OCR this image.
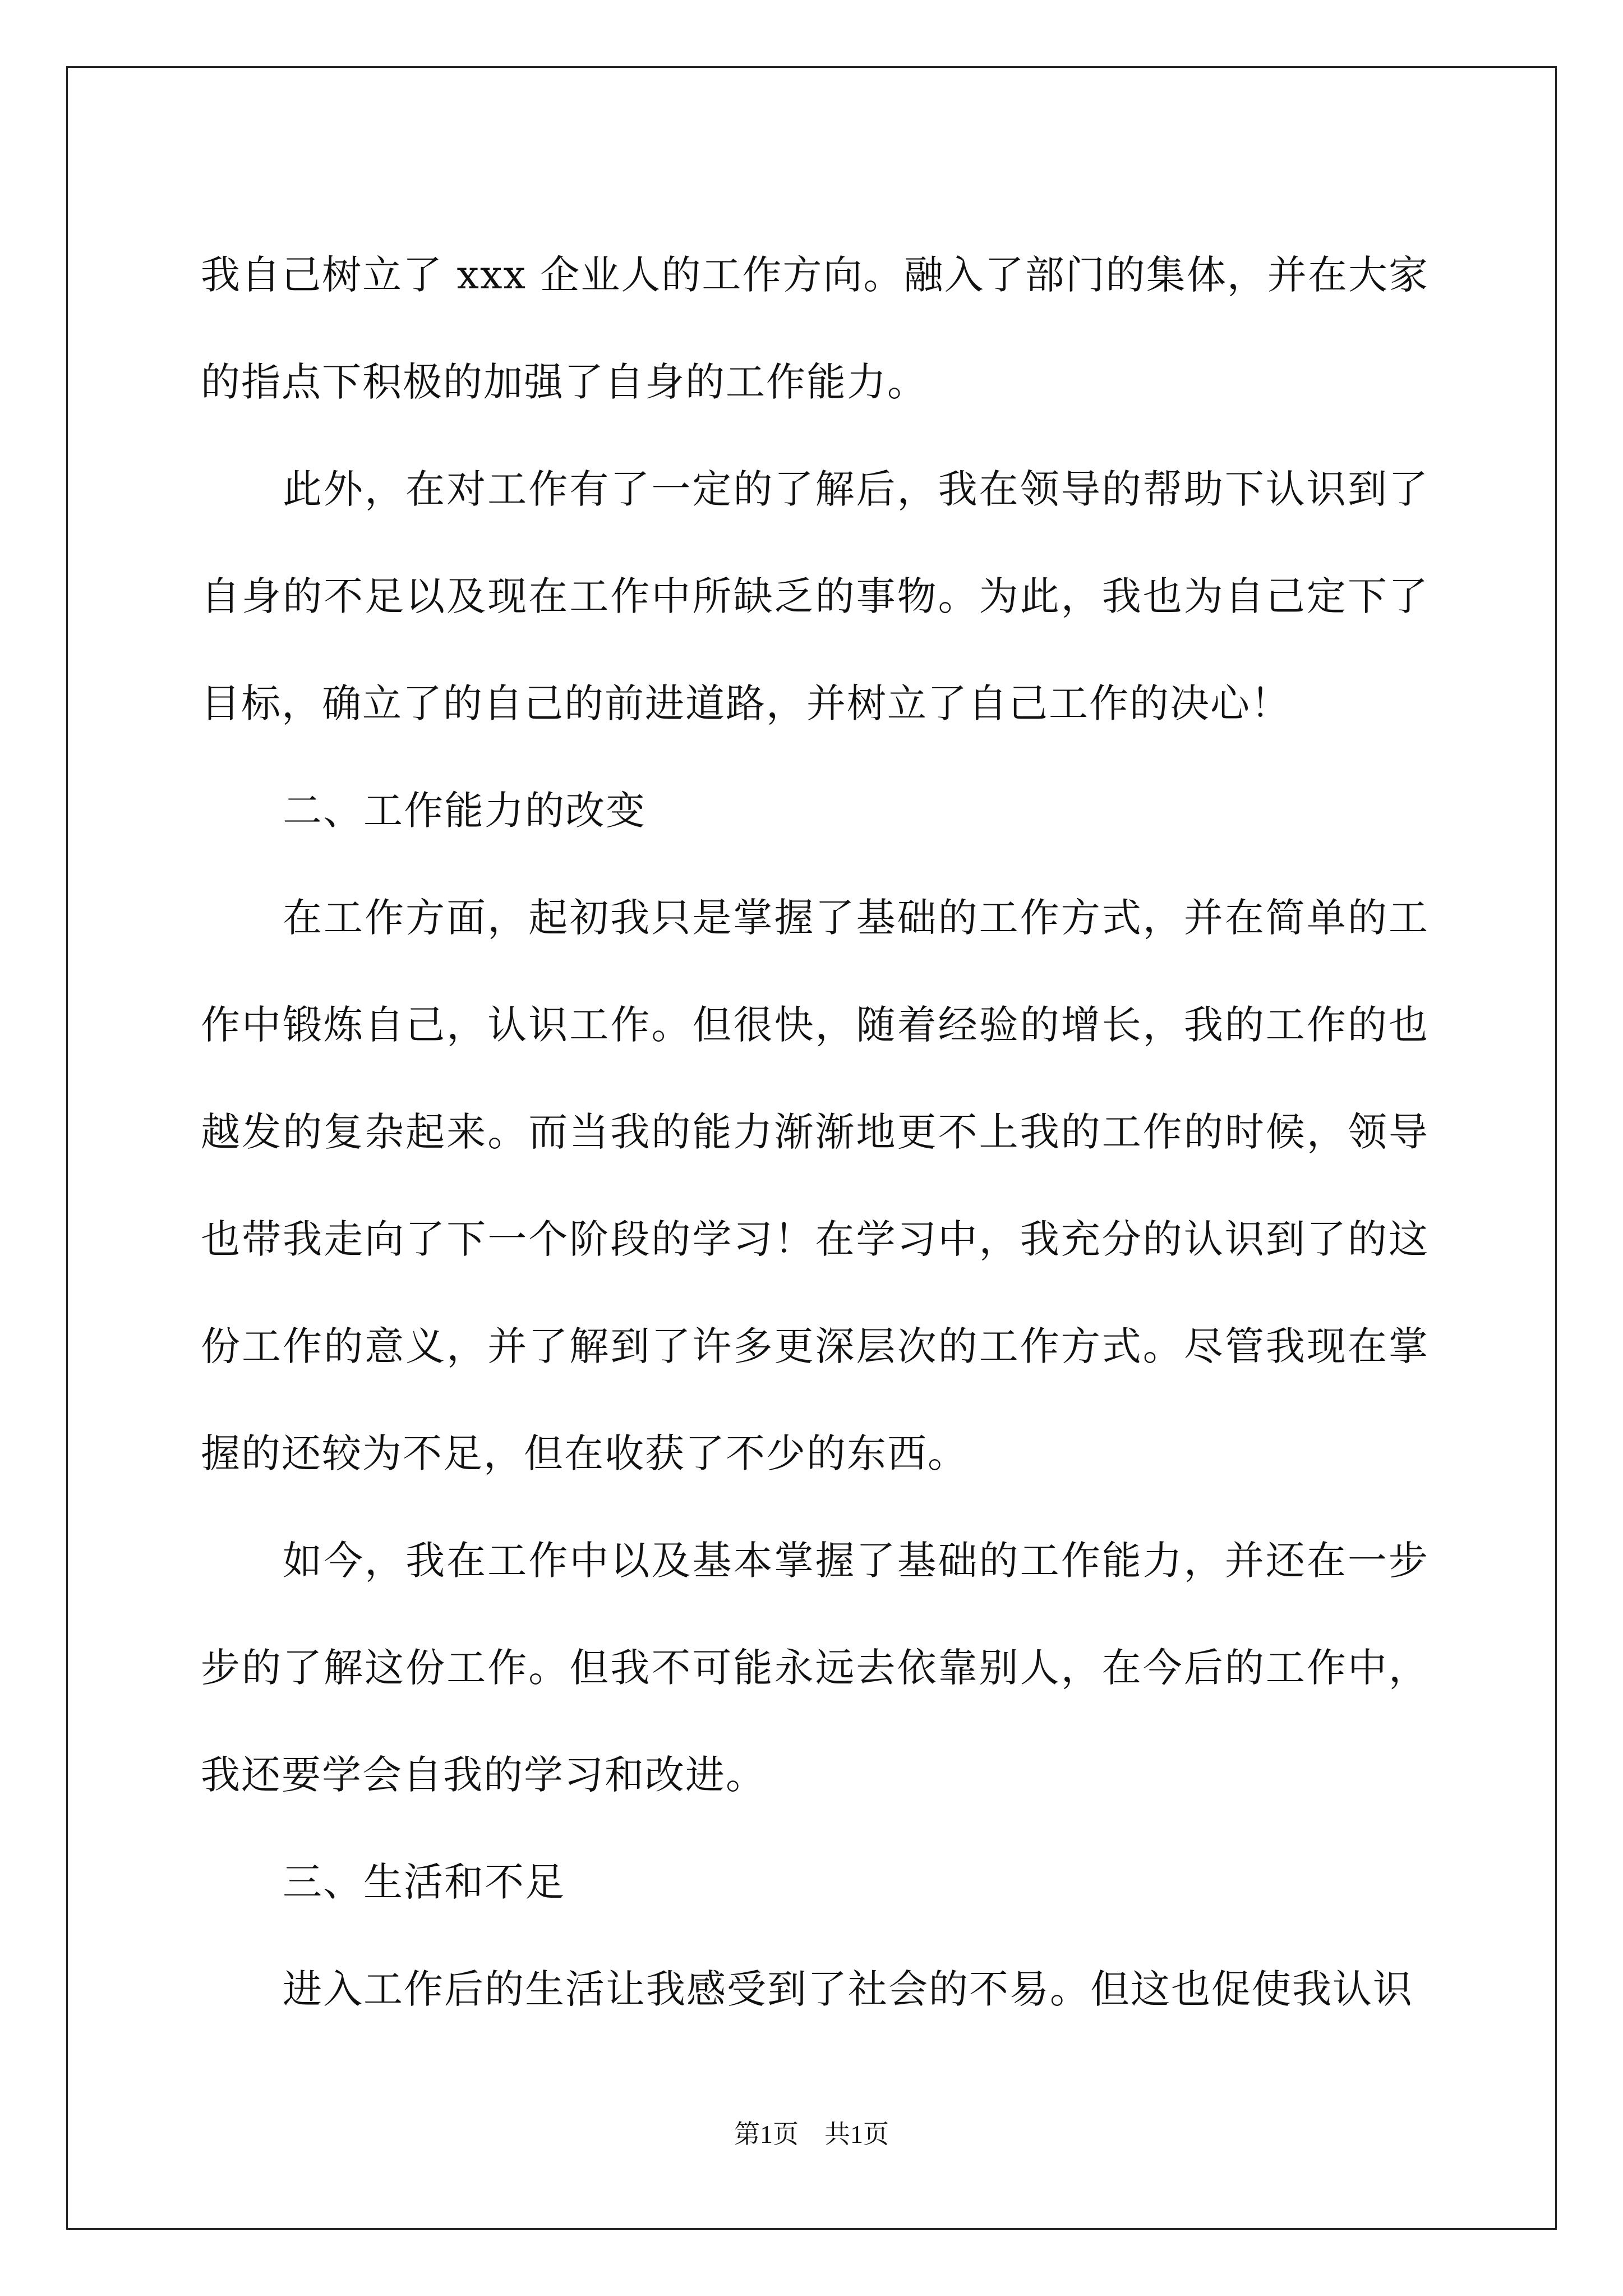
我自己树立了 xxx 企业人的工作方向。融入了部门的集体，并在大家的指点下积极的加强了自身的工作能力。

此外，在对工作有了一定的了解后，我在领导的帮助下认识到了自身的不足以及现在工作中所缺乏的事物。为此，我也为自己定下了目标，确立了的自己的前进道路，并树立了自己工作的决心！

二、工作能力的改变

在工作方面，起初我只是掌握了基础的工作方式，并在简单的工作中锻炼自己，认识工作。但很快，随着经验的增长，我的工作的也越发的复杂起来。而当我的能力渐渐地更不上我的工作的时候，领导也带我走向了下一个阶段的学习！在学习中，我充分的认识到了的这份工作的意义，并了解到了许多更深层次的工作方式。尽管我现在掌握的还较为不足，但在收获了不少的东西。

如今，我在工作中以及基本掌握了基础的工作能力，并还在一步步的了解这份工作。但我不可能永远去依靠别人，在今后的工作中，我还要学会自我的学习和改进。

三、生活和不足

进入工作后的生活让我感受到了社会的不易。但这也促使我认识

第1页 共1页
